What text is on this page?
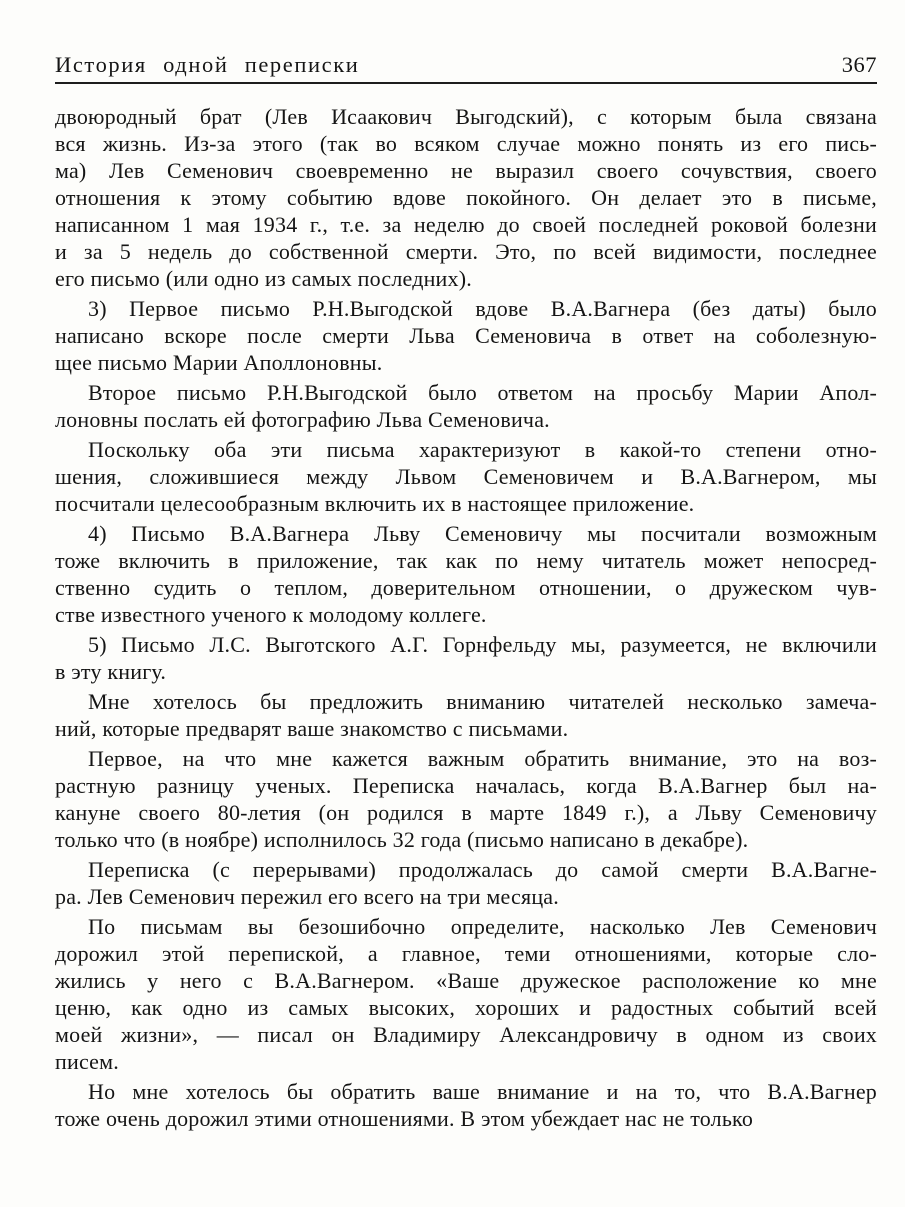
История одной переписки	367

двоюродный брат (Лев Исаакович Выгодский), с которым была связана
вся жизнь. Из-за этого (так во всяком случае можно понять из его пись-
ма) Лев Семенович своевременно не выразил своего сочувствия, своего
отношения к этому событию вдове покойного. Он делает это в письме,
написанном 1 мая 1934 г., т.е. за неделю до своей последней роковой болезни
и за 5 недель до собственной смерти. Это, по всей видимости, последнее
его письмо (или одно из самых последних).

3) Первое письмо Р.Н.Выгодской вдове В.А.Вагнера (без даты) было
написано вскоре после смерти Льва Семеновича в ответ на соболезную-
щее письмо Марии Аполлоновны.

Второе письмо Р.Н.Выгодской было ответом на просьбу Марии Апол-
лоновны послать ей фотографию Льва Семеновича.

Поскольку оба эти письма характеризуют в какой-то степени отно-
шения, сложившиеся между Львом Семеновичем и В.А.Вагнером, мы
посчитали целесообразным включить их в настоящее приложение.

4) Письмо В.А.Вагнера Льву Семеновичу мы посчитали возможным
тоже включить в приложение, так как по нему читатель может непосред-
ственно судить о теплом, доверительном отношении, о дружеском чув-
стве известного ученого к молодому коллеге.

5) Письмо Л.С. Выготского А.Г. Горнфельду мы, разумеется, не включили
в эту книгу.

Мне хотелось бы предложить вниманию читателей несколько замеча-
ний, которые предварят ваше знакомство с письмами.

Первое, на что мне кажется важным обратить внимание, это на воз-
растную разницу ученых. Переписка началась, когда В.А.Вагнер был на-
кануне своего 80-летия (он родился в марте 1849 г.), а Льву Семеновичу
только что (в ноябре) исполнилось 32 года (письмо написано в декабре).

Переписка (с перерывами) продолжалась до самой смерти В.А.Вагне-
ра. Лев Семенович пережил его всего на три месяца.

По письмам вы безошибочно определите, насколько Лев Семенович
дорожил этой перепиской, а главное, теми отношениями, которые сло-
жились у него с В.А.Вагнером. «Ваше дружеское расположение ко мне
ценю, как одно из самых высоких, хороших и радостных событий всей
моей жизни», — писал он Владимиру Александровичу в одном из своих
писем.

Но мне хотелось бы обратить ваше внимание и на то, что В.А.Вагнер
тоже очень дорожил этими отношениями. В этом убеждает нас не только
